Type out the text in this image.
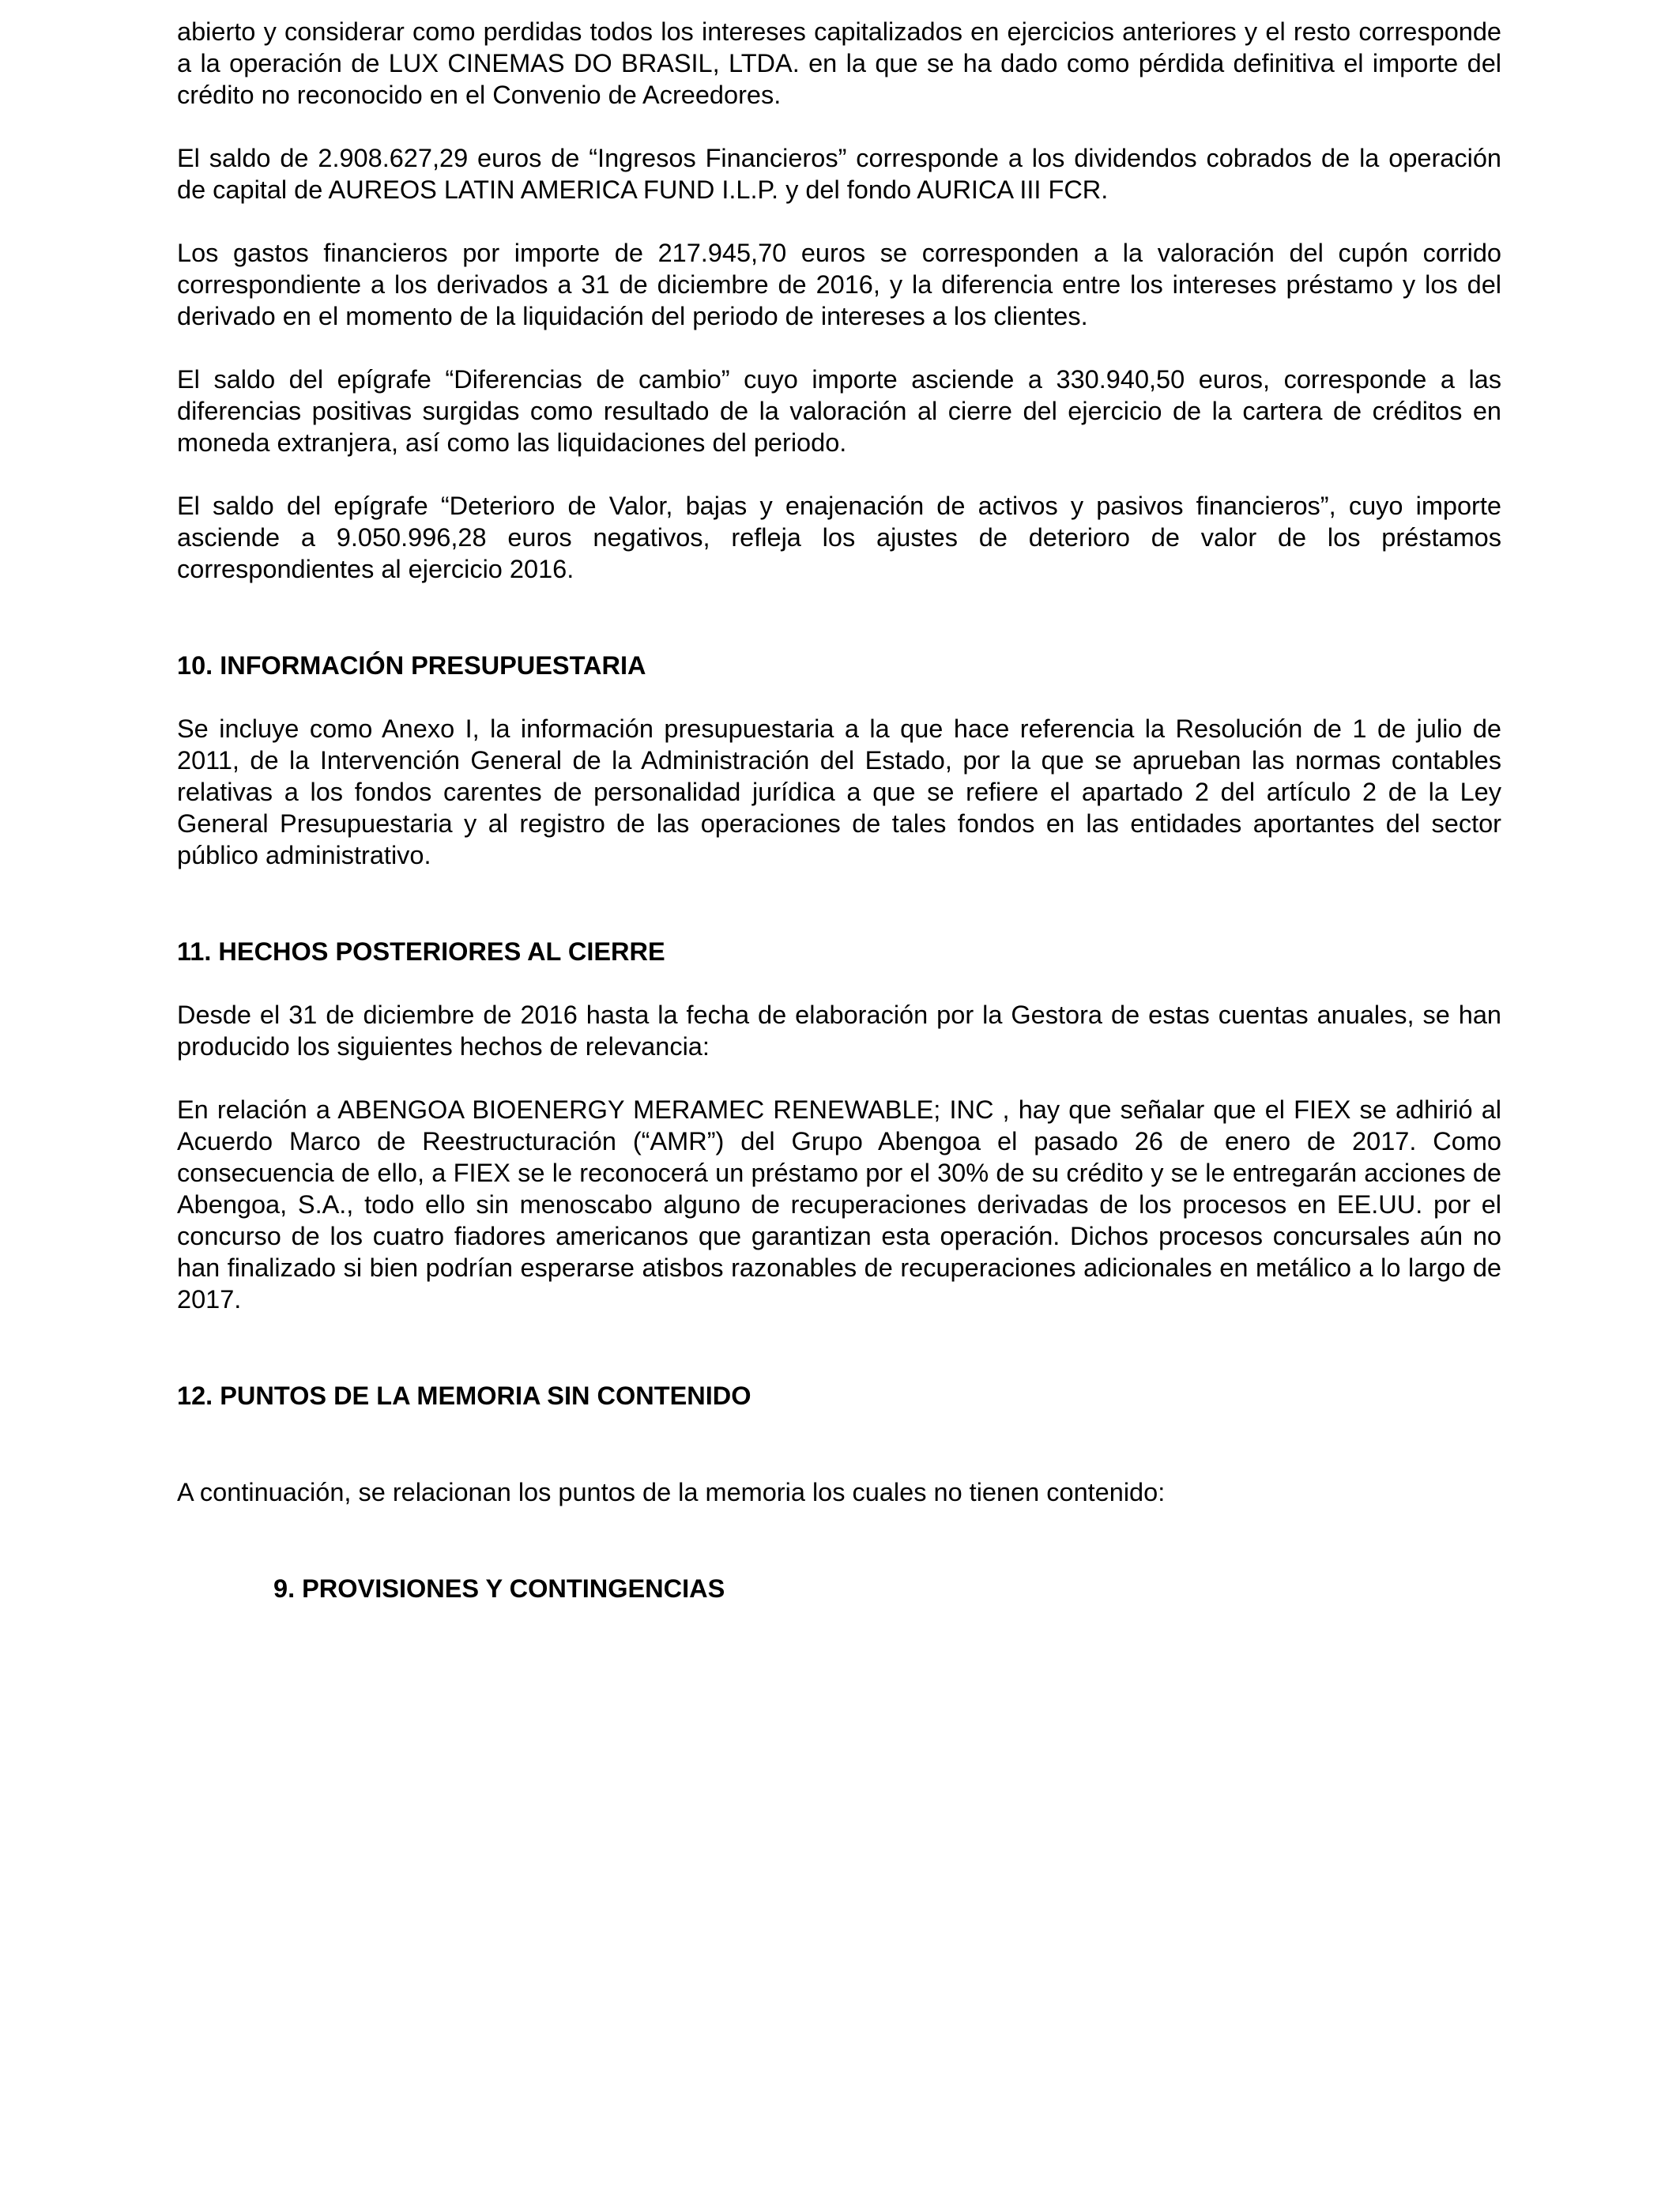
abierto y considerar como perdidas todos los intereses capitalizados en ejercicios anteriores y el resto corresponde a la operación de LUX CINEMAS DO BRASIL, LTDA. en la que se ha dado como pérdida definitiva el importe del crédito no reconocido en el Convenio de Acreedores.

El saldo de 2.908.627,29 euros de “Ingresos Financieros” corresponde a los dividendos cobrados de la operación de capital de AUREOS LATIN AMERICA FUND I.L.P. y del fondo AURICA III FCR.

Los gastos financieros por importe de 217.945,70 euros se corresponden a la valoración del cupón corrido correspondiente a los derivados a 31 de diciembre de 2016, y la diferencia entre los intereses préstamo y los del derivado en el momento de la liquidación del periodo de intereses a los clientes.

El saldo del epígrafe “Diferencias de cambio” cuyo importe asciende a 330.940,50 euros, corresponde a las diferencias positivas surgidas como resultado de la valoración al cierre del ejercicio de la cartera de créditos en moneda extranjera, así como las liquidaciones del periodo.

El saldo del epígrafe “Deterioro de Valor, bajas y enajenación de activos y pasivos financieros”, cuyo importe asciende a 9.050.996,28 euros negativos, refleja los ajustes de deterioro de valor de los préstamos correspondientes al ejercicio 2016.

10. INFORMACIÓN PRESUPUESTARIA

Se incluye como Anexo I, la información presupuestaria a la que hace referencia la Resolución de 1 de julio de 2011, de la Intervención General de la Administración del Estado, por la que se aprueban las normas contables relativas a los fondos carentes de personalidad jurídica a que se refiere el apartado 2 del artículo 2 de la Ley General Presupuestaria y al registro de las operaciones de tales fondos en las entidades aportantes del sector público administrativo.

11. HECHOS POSTERIORES AL CIERRE

Desde el 31 de diciembre de 2016 hasta la fecha de elaboración por la Gestora de estas cuentas anuales, se han producido los siguientes hechos de relevancia:

En relación a ABENGOA BIOENERGY MERAMEC RENEWABLE; INC , hay que señalar que el FIEX se adhirió al Acuerdo Marco de Reestructuración (“AMR”) del Grupo Abengoa el pasado 26 de enero de 2017. Como consecuencia de ello, a FIEX se le reconocerá un préstamo por el 30% de su crédito y se le entregarán acciones de Abengoa, S.A., todo ello sin menoscabo alguno de recuperaciones derivadas de los procesos en EE.UU. por el concurso de los cuatro fiadores americanos que garantizan esta operación. Dichos procesos concursales aún no han finalizado si bien podrían esperarse atisbos razonables de recuperaciones adicionales en metálico a lo largo de 2017.

12. PUNTOS DE LA MEMORIA SIN CONTENIDO

A continuación, se relacionan los puntos de la memoria los cuales no tienen contenido:

9. PROVISIONES Y CONTINGENCIAS
